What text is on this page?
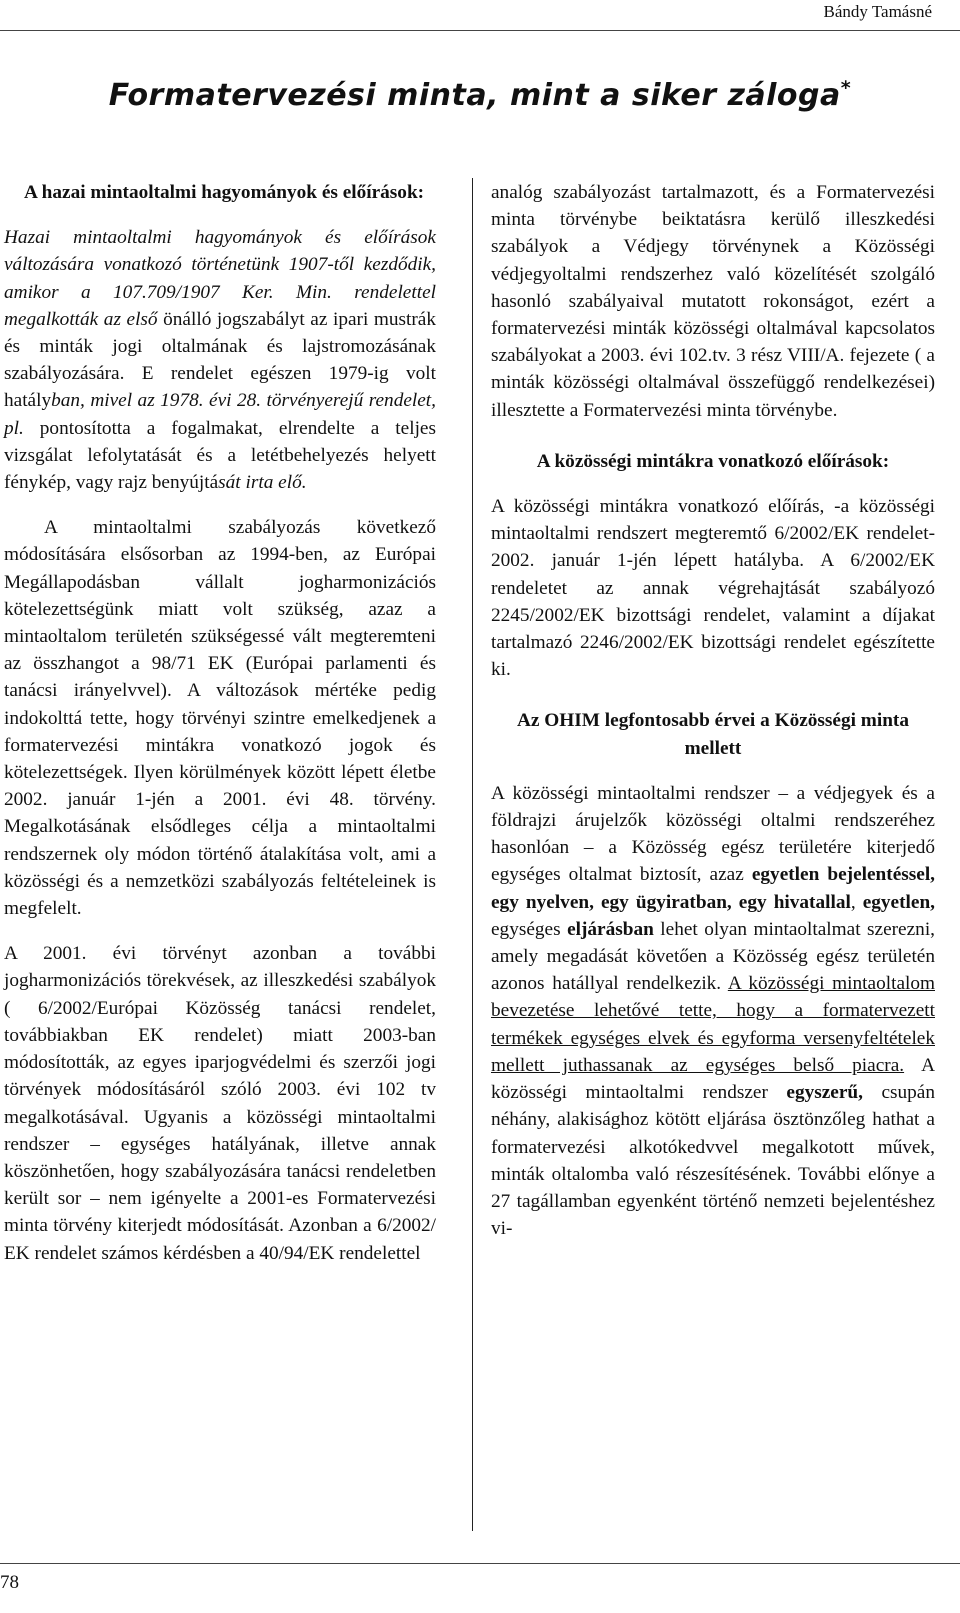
Bándy Tamásné
Formatervezési minta, mint a siker záloga*
A hazai mintaoltalmi hagyományok és előírások:

Hazai mintaoltalmi hagyományok és előírások változására vonatkozó történetünk 1907-től kezdődik, amikor a 107.709/1907 Ker. Min. rendelettel megalkották az első önálló jogszabályt az ipari mustrák és minták jogi oltalmának és lajstromozásának szabályozására. E rendelet egészen 1979-ig volt hatályban, mivel az 1978. évi 28. törvényerejű rendelet, pl. pontosította a fogalmakat, elrendelte a teljes vizsgálat lefolytatását és a letétbehelyezés helyett fénykép, vagy rajz benyújtását irta elő.

A mintaoltalmi szabályozás következő módosítására elsősorban az 1994-ben, az Európai Megállapodásban vállalt jogharmonizációs kötelezettségünk miatt volt szükség, azaz a mintaoltalom területén szükségessé vált megteremteni az összhangot a 98/71 EK (Európai parlamenti és tanácsi irányelvvel). A változások mértéke pedig indokolttá tette, hogy törvényi szintre emelkedjenek a formatervezési mintákra vonatkozó jogok és kötelezettségek. Ilyen körülmények között lépett életbe 2002. január 1-jén a 2001. évi 48. törvény. Megalkotásának elsődleges célja a mintaoltalmi rendszernek oly módon történő átalakítása volt, ami a közösségi és a nemzetközi szabályozás feltételeinek is megfelelt.

A 2001. évi törvényt azonban a további jogharmonizációs törekvések, az illeszkedési szabályok ( 6/2002/Európai Közösség tanácsi rendelet, továbbiakban EK rendelet) miatt 2003-ban módosították, az egyes iparjogvédelmi és szerzői jogi törvények módosításáról szóló 2003. évi 102 tv megalkotásával. Ugyanis a közösségi mintaoltalmi rendszer – egységes hatályának, illetve annak köszönhetően, hogy szabályozására tanácsi rendeletben került sor – nem igényelte a 2001-es Formatervezési minta törvény kiterjedt módosítását. Azonban a 6/2002/ EK rendelet számos kérdésben a 40/94/EK rendelettel

analóg szabályozást tartalmazott, és a Formatervezési minta törvénybe beiktatásra kerülő illeszkedési szabályok a Védjegy törvénynek a Közösségi védjegyoltalmi rendszerhez való közelítését szolgáló hasonló szabályaival mutatott rokonságot, ezért a formatervezési minták közösségi oltalmával kapcsolatos szabályokat a 2003. évi 102.tv. 3 rész VIII/A. fejezete ( a minták közösségi oltalmával összefüggő rendelkezései) illesztette a Formatervezési minta törvénybe.

A közösségi mintákra vonatkozó előírások:

A közösségi mintákra vonatkozó előírás, -a közösségi mintaoltalmi rendszert megteremtő 6/2002/EK rendelet- 2002. január 1-jén lépett hatályba. A 6/2002/EK rendeletet az annak végrehajtását szabályozó 2245/2002/EK bizottsági rendelet, valamint a díjakat tartalmazó 2246/2002/EK bizottsági rendelet egészítette ki.

Az OHIM legfontosabb érvei a Közösségi minta mellett

A közösségi mintaoltalmi rendszer – a védjegyek és a földrajzi árujelzők közösségi oltalmi rendszeréhez hasonlóan – a Közösség egész területére kiterjedő egységes oltalmat biztosít, azaz egyetlen bejelentéssel, egy nyelven, egy ügyiratban, egy hivatallal, egyetlen, egységes eljárásban lehet olyan mintaoltalmat szerezni, amely megadását követően a Közösség egész területén azonos hatállyal rendelkezik. A közösségi mintaoltalom bevezetése lehetővé tette, hogy a formatervezett termékek egységes elvek és egyforma versenyfeltételek mellett juthassanak az egységes belső piacra. A közösségi mintaoltalmi rendszer egyszerű, csupán néhány, alakisághoz kötött eljárása ösztönzőleg hathat a formatervezési alkotókedvvel megalkotott művek, minták oltalomba való részesítésének. További előnye a 27 tagállamban egyenként történő nemzeti bejelentéshez vi-

78
